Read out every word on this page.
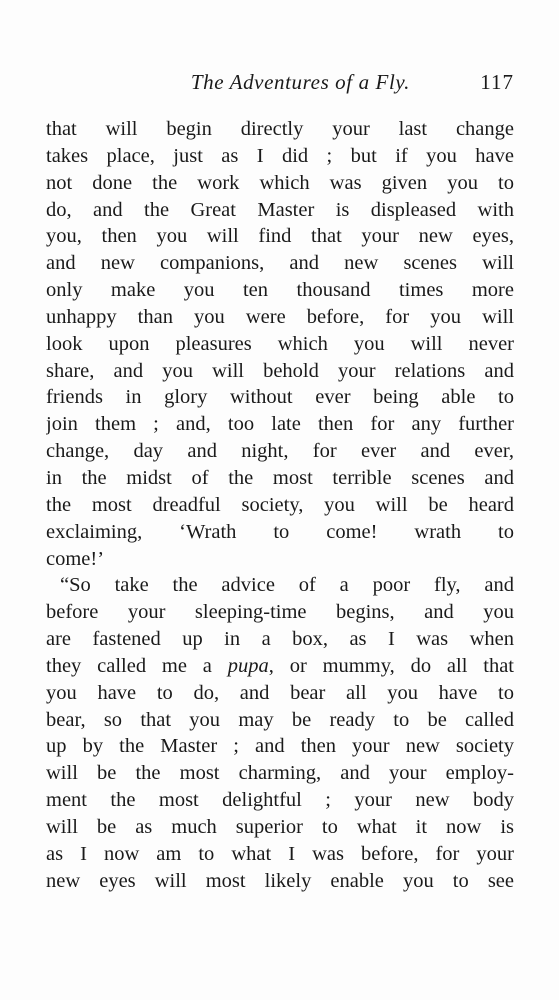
The Adventures of a Fly.	117
that will begin directly your last change
takes place, just as I did ; but if you have
not done the work which was given you to
do, and the Great Master is displeased with
you, then you will find that your new eyes,
and new companions, and new scenes will
only make you ten thousand times more
unhappy than you were before, for you will
look upon pleasures which you will never
share, and you will behold your relations and
friends in glory without ever being able to
join them ; and, too late then for any further
change, day and night, for ever and ever,
in the midst of the most terrible scenes and
the most dreadful society, you will be heard
exclaiming, ‘Wrath to come! wrath to
come!’
“So take the advice of a poor fly, and
before your sleeping-time begins, and you
are fastened up in a box, as I was when
they called me a pupa, or mummy, do all that
you have to do, and bear all you have to
bear, so that you may be ready to be called
up by the Master ; and then your new society
will be the most charming, and your employ-
ment the most delightful ; your new body
will be as much superior to what it now is
as I now am to what I was before, for your
new eyes will most likely enable you to see
